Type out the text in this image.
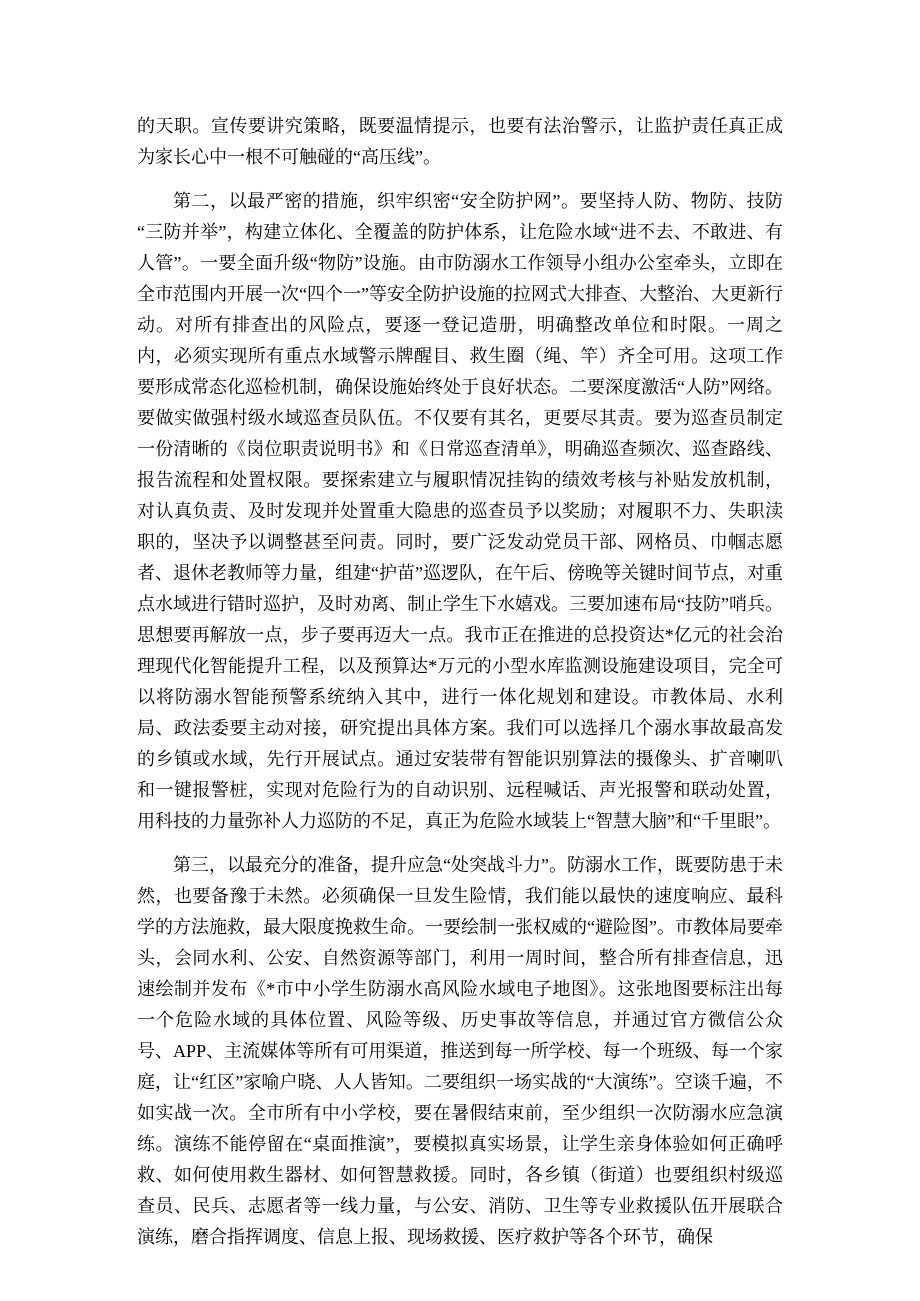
的天职。宣传要讲究策略，既要温情提示，也要有法治警示，让监护责任真正成为家长心中一根不可触碰的“高压线”。

第二，以最严密的措施，织牢织密“安全防护网”。要坚持人防、物防、技防“三防并举”，构建立体化、全覆盖的防护体系，让危险水域“进不去、不敢进、有人管”。一要全面升级“物防”设施。由市防溺水工作领导小组办公室牵头，立即在全市范围内开展一次“四个一”等安全防护设施的拉网式大排查、大整治、大更新行动。对所有排查出的风险点，要逐一登记造册，明确整改单位和时限。一周之内，必须实现所有重点水域警示牌醒目、救生圈（绳、竿）齐全可用。这项工作要形成常态化巡检机制，确保设施始终处于良好状态。二要深度激活“人防”网络。要做实做强村级水域巡查员队伍。不仅要有其名，更要尽其责。要为巡查员制定一份清晰的《岗位职责说明书》和《日常巡查清单》，明确巡查频次、巡查路线、报告流程和处置权限。要探索建立与履职情况挂钩的绩效考核与补贴发放机制，对认真负责、及时发现并处置重大隐患的巡查员予以奖励；对履职不力、失职渎职的，坚决予以调整甚至问责。同时，要广泛发动党员干部、网格员、巾帼志愿者、退休老教师等力量，组建“护苗”巡逻队，在午后、傍晚等关键时间节点，对重点水域进行错时巡护，及时劝离、制止学生下水嬉戏。三要加速布局“技防”哨兵。思想要再解放一点，步子要再迈大一点。我市正在推进的总投资达*亿元的社会治理现代化智能提升工程，以及预算达*万元的小型水库监测设施建设项目，完全可以将防溺水智能预警系统纳入其中，进行一体化规划和建设。市教体局、水利局、政法委要主动对接，研究提出具体方案。我们可以选择几个溺水事故最高发的乡镇或水域，先行开展试点。通过安装带有智能识别算法的摄像头、扩音喇叭和一键报警桩，实现对危险行为的自动识别、远程喊话、声光报警和联动处置，用科技的力量弥补人力巡防的不足，真正为危险水域装上“智慧大脑”和“千里眼”。

第三，以最充分的准备，提升应急“处突战斗力”。防溺水工作，既要防患于未然，也要备豫于未然。必须确保一旦发生险情，我们能以最快的速度响应、最科学的方法施救，最大限度挽救生命。一要绘制一张权威的“避险图”。市教体局要牵头，会同水利、公安、自然资源等部门，利用一周时间，整合所有排查信息，迅速绘制并发布《*市中小学生防溺水高风险水域电子地图》。这张地图要标注出每一个危险水域的具体位置、风险等级、历史事故等信息，并通过官方微信公众号、APP、主流媒体等所有可用渠道，推送到每一所学校、每一个班级、每一个家庭，让“红区”家喻户晓、人人皆知。二要组织一场实战的“大演练”。空谈千遍，不如实战一次。全市所有中小学校，要在暑假结束前，至少组织一次防溺水应急演练。演练不能停留在“桌面推演”，要模拟真实场景，让学生亲身体验如何正确呼救、如何使用救生器材、如何智慧救援。同时，各乡镇（街道）也要组织村级巡查员、民兵、志愿者等一线力量，与公安、消防、卫生等专业救援队伍开展联合演练，磨合指挥调度、信息上报、现场救援、医疗救护等各个环节，确保
